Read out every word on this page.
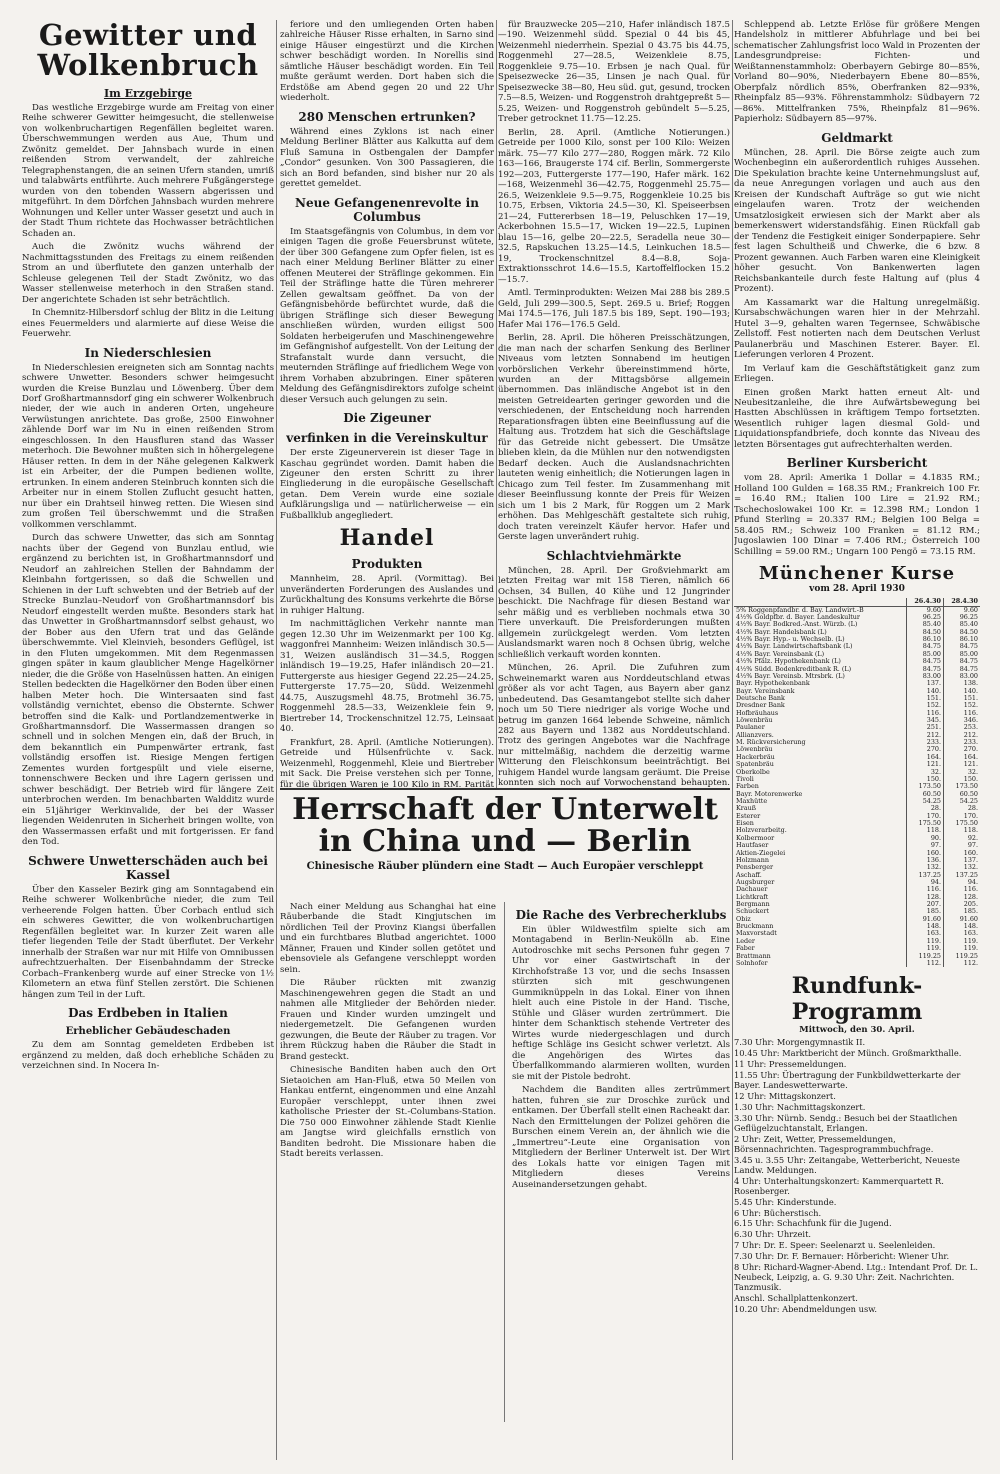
Gewitter und Wolkenbruch
Im Erzgebirge
Das westliche Erzgebirge wurde am Freitag von einer Reihe schwerer Gewitter heimgesucht, die stellenweise von wolkenbruchartigen Regenfällen begleitet waren. Überschwemmungen werden aus Aue, Thum und Zwönitz gemeldet. Der Jahnsbach wurde in einen reißenden Strom verwandelt, der zahlreiche Telegraphenstangen, die an seinen Ufern standen, umriß und talabwärts entführte. Auch mehrere Fußgängerstege wurden von den tobenden Wassern abgerissen und mitgeführt. In dem Dörfchen Jahnsbach wurden mehrere Wohnungen und Keller unter Wasser gesetzt und auch in der Stadt Thum richtete das Hochwasser beträchtlichen Schaden an.
Auch die Zwönitz wuchs während der Nachmittagsstunden des Freitags zu einem reißenden Strom an und überflutete den ganzen unterhalb der Schleuse gelegenen Teil der Stadt Zwönitz, wo das Wasser stellenweise meterhoch in den Straßen stand. Der angerichtete Schaden ist sehr beträchtlich.
In Chemnitz-Hilbersdorf schlug der Blitz in die Leitung eines Feuermelders und alarmierte auf diese Weise die Feuerwehr.
In Niederschlesien
In Niederschlesien ereigneten sich am Sonntag nachts schwere Unwetter. Besonders schwer heimgesucht wurden die Kreise Bunzlau und Löwenberg. Über dem Dorf Großhartmannsdorf ging ein schwerer Wolkenbruch nieder, der wie auch in anderen Orten, ungeheure Verwüstungen anrichtete. Das große, 2500 Einwohner zählende Dorf war im Nu in einen reißenden Strom eingeschlossen. In den Hausfluren stand das Wasser meterhoch. Die Bewohner mußten sich in höhergelegene Häuser retten. In dem in der Nähe gelegenen Kalkwerk ist ein Arbeiter, der die Pumpen bedienen wollte, ertrunken. In einem anderen Steinbruch konnten sich die Arbeiter nur in einem Stollen Zuflucht gesucht hatten, nur über ein Drahtseil hinweg retten. Die Wiesen sind zum großen Teil überschwemmt und die Straßen vollkommen verschlammt.
Durch das schwere Unwetter, das sich am Sonntag nachts über der Gegend von Bunzlau entlud, wie ergänzend zu berichten ist, in Großhartmannsdorf und Neudorf an zahlreichen Stellen der Bahndamm der Kleinbahn fortgerissen, so daß die Schwellen und Schienen in der Luft schwebten und der Betrieb auf der Strecke Bunzlau–Neudorf von Großhartmannsdorf bis Neudorf eingestellt werden mußte. Besonders stark hat das Unwetter in Großhartmannsdorf selbst gehaust, wo der Bober aus den Ufern trat und das Gelände überschwemmte. Viel Kleinvieh, besonders Geflügel, ist in den Fluten umgekommen. Mit dem Regenmassen gingen später in kaum glaublicher Menge Hagelkörner nieder, die die Größe von Haselnüssen hatten. An einigen Stellen bedeckten die Hagelkörner den Boden über einen halben Meter hoch. Die Wintersaaten sind fast vollständig vernichtet, ebenso die Obsternte. Schwer betroffen sind die Kalk- und Portlandzementwerke in Großhartmannsdorf. Die Wassermassen drangen so schnell und in solchen Mengen ein, daß der Bruch, in dem bekanntlich ein Pumpenwärter ertrank, fast vollständig ersoffen ist. Riesige Mengen fertigen Zementes wurden fortgespült und viele eiserne, tonnenschwere Becken und ihre Lagern gerissen und schwer beschädigt. Der Betrieb wird für längere Zeit unterbrochen werden. Im benachbarten Waldditz wurde ein 51jähriger Werkinvalide, der bei der Wasser liegenden Weidenruten in Sicherheit bringen wollte, von den Wassermassen erfaßt und mit fortgerissen. Er fand den Tod.
Schwere Unwetterschäden auch bei Kassel
Über den Kasseler Bezirk ging am Sonntagabend ein Reihe schwerer Wolkenbrüche nieder, die zum Teil verheerende Folgen hatten. Über Corbach entlud sich ein schweres Gewitter, die von wolkenbruchartigen Regenfällen begleitet war. In kurzer Zeit waren alle tiefer liegenden Teile der Stadt überflutet. Der Verkehr innerhalb der Straßen war nur mit Hilfe von Omnibussen aufrechtzuerhalten. Der Eisenbahndamm der Strecke Corbach–Frankenberg wurde auf einer Strecke von 1½ Kilometern an etwa fünf Stellen zerstört. Die Schienen hängen zum Teil in der Luft.
Das Erdbeben in Italien
Erheblicher Gebäudeschaden
Zu dem am Sonntag gemeldeten Erdbeben ist ergänzend zu melden, daß doch erhebliche Schäden zu verzeichnen sind. In Nocera In-
feriore und den umliegenden Orten haben zahlreiche Häuser Risse erhalten, in Sarno sind einige Häuser eingestürzt und die Kirchen schwer beschädigt worden. In Norellis sind sämtliche Häuser beschädigt worden. Ein Teil mußte geräumt werden. Dort haben sich die Erdstöße am Abend gegen 20 und 22 Uhr wiederholt.
280 Menschen ertrunken?
Während eines Zyklons ist nach einer Meldung Berliner Blätter aus Kalkutta auf dem Fluß Samuna in Ostbengalen der Dampfer „Condor“ gesunken. Von 300 Passagieren, die sich an Bord befanden, sind bisher nur 20 als gerettet gemeldet.
Neue Gefangenenrevolte in Columbus
Im Staatsgefängnis von Columbus, in dem vor einigen Tagen die große Feuersbrunst wütete, der über 300 Gefangene zum Opfer fielen, ist es nach einer Meldung Berliner Blätter zu einer offenen Meuterei der Sträflinge gekommen. Ein Teil der Sträflinge hatte die Türen mehrerer Zellen gewaltsam geöffnet. Da von der Gefängnisbehörde befürchtet wurde, daß die übrigen Sträflinge sich dieser Bewegung anschließen würden, wurden eiligst 500 Soldaten herbeigerufen und Maschinengewehre im Gefängnishof aufgestellt. Von der Leitung der Strafanstalt wurde dann versucht, die meuternden Sträflinge auf friedlichem Wege von ihrem Vorhaben abzubringen. Einer späteren Meldung des Gefängnisdirektors zufolge scheint dieser Versuch auch gelungen zu sein.
Die Zigeuner
verfinken in die Vereinskultur
Der erste Zigeunerverein ist dieser Tage in Kaschau gegründet worden. Damit haben die Zigeuner den ersten Schritt zu ihrer Eingliederung in die europäische Gesellschaft getan. Dem Verein wurde eine soziale Aufklärungsliga und — natürlicherweise — ein Fußballklub angegliedert.
Handel
Produkten
Mannheim, 28. April. (Vormittag). Bei unveränderten Forderungen des Auslandes und Zurückhaltung des Konsums verkehrte die Börse in ruhiger Haltung.
Im nachmittäglichen Verkehr nannte man gegen 12.30 Uhr im Weizenmarkt per 100 Kg. waggonfrei Mannheim: Weizen inländisch 30.5—31, Weizen ausländisch 31—34.5, Roggen inländisch 19—19.25, Hafer inländisch 20—21. Futtergerste aus hiesiger Gegend 22.25—24.25, Futtergerste 17.75—20, Südd. Weizenmehl 44.75, Auszugsmehl 48.75, Brotmehl 36.75, Roggenmehl 28.5—33, Weizenkleie fein 9, Biertreber 14, Trockenschnitzel 12.75, Leinsaat 40.
Frankfurt, 28. April. (Amtliche Notierungen). Getreide und Hülsenfrüchte v. Sack. Weizenmehl, Roggenmehl, Kleie und Biertreber mit Sack. Die Preise verstehen sich per Tonne, für die übrigen Waren je 100 Kilo in RM. Parität
für Brauzwecke 205—210, Hafer inländisch 187.5—190. Weizenmehl südd. Spezial 0 44 bis 45, Weizenmehl niederrhein. Spezial 0 43.75 bis 44.75, Roggenmehl 27—28.5, Weizenkleie 8.75, Roggenkleie 9.75—10. Erbsen je nach Qual. für Speisezwecke 26—35, Linsen je nach Qual. für Speisezwecke 38—80, Heu süd. gut, gesund, trocken 7.5—8.5, Weizen- und Roggenstroh drahtgepreßt 5—5.25, Weizen- und Roggenstroh gebündelt 5—5.25, Treber getrocknet 11.75—12.25.
Berlin, 28. April. (Amtliche Notierungen.) Getreide per 1000 Kilo, sonst per 100 Kilo: Weizen märk. 75—77 Kilo 277—280, Roggen märk. 72 Kilo 163—166, Braugerste 174 cif. Berlin, Sommergerste 192—203, Futtergerste 177—190, Hafer märk. 162—168, Weizenmehl 36—42.75, Roggenmehl 25.75—26.5, Weizenkleie 9.5—9.75, Roggenkleie 10.25 bis 10.75, Erbsen, Viktoria 24.5—30, Kl. Speiseerbsen 21—24, Futtererbsen 18—19, Peluschken 17—19, Ackerbohnen 15.5—17, Wicken 19—22.5, Lupinen blau 15—16, gelbe 20—22.5, Seradella neue 30—32.5, Rapskuchen 13.25—14.5, Leinkuchen 18.5—19, Trockenschnitzel 8.4—8.8, Soja-Extraktionsschrot 14.6—15.5, Kartoffelflocken 15.2—15.7.
Amtl. Terminprodukten: Weizen Mai 288 bis 289.5 Geld, Juli 299—300.5, Sept. 269.5 u. Brief; Roggen Mai 174.5—176, Juli 187.5 bis 189, Sept. 190—193; Hafer Mai 176—176.5 Geld.
Berlin, 28. April. Die höheren Preisschätzungen, die man nach der scharfen Senkung des Berliner Niveaus vom letzten Sonnabend im heutigen vorbörslichen Verkehr übereinstimmend hörte, wurden an der Mittagsbörse allgemein übernommen. Das inländische Angebot ist in den meisten Getreidearten geringer geworden und die verschiedenen, der Entscheidung noch harrenden Reparationsfragen übten eine Beeinflussung auf die Haltung aus. Trotzdem hat sich die Geschäftslage für das Getreide nicht gebessert. Die Umsätze blieben klein, da die Mühlen nur den notwendigsten Bedarf decken. Auch die Auslandsnachrichten lauteten wenig einheitlich; die Notierungen lagen in Chicago zum Teil fester. Im Zusammenhang mit dieser Beeinflussung konnte der Preis für Weizen sich um 1 bis 2 Mark, für Roggen um 2 Mark erhöhen. Das Mehlgeschäft gestaltete sich ruhig, doch traten vereinzelt Käufer hervor. Hafer und Gerste lagen unverändert ruhig.
Schlachtviehmärkte
München, 28. April. Der Großviehmarkt am letzten Freitag war mit 158 Tieren, nämlich 66 Ochsen, 34 Bullen, 40 Kühe und 12 Jungrinder beschickt. Die Nachfrage für diesen Bestand war sehr mäßig und es verblieben nochmals etwa 30 Tiere unverkauft. Die Preisforderungen mußten allgemein zurückgelegt werden. Vom letzten Auslandsmarkt waren noch 8 Ochsen übrig, welche schließlich verkauft worden konnten.
München, 26. April. Die Zufuhren zum Schweinemarkt waren aus Norddeutschland etwas größer als vor acht Tagen, aus Bayern aber ganz unbedeutend. Das Gesamtangebot stellte sich daher noch um 50 Tiere niedriger als vorige Woche und betrug im ganzen 1664 lebende Schweine, nämlich 282 aus Bayern und 1382 aus Norddeutschland. Trotz des geringen Angebotes war die Nachfrage nur mittelmäßig, nachdem die derzeitig warme Witterung den Fleischkonsum beeinträchtigt. Bei ruhigem Handel wurde langsam geräumt. Die Preise konnten sich noch auf Vorwochenstand behaupten.
Herrschaft der Unterwelt
in China und — Berlin
Chinesische Räuber plündern eine Stadt — Auch Europäer verschleppt
Nach einer Meldung aus Schanghai hat eine Räuberbande die Stadt Kingjutschen im nördlichen Teil der Provinz Kiangsi überfallen und ein furchtbares Blutbad angerichtet. 1000 Männer, Frauen und Kinder sollen getötet und ebensoviele als Gefangene verschleppt worden sein.
Die Räuber rückten mit zwanzig Maschinengewehren gegen die Stadt an und nahmen alle Mitglieder der Behörden nieder. Frauen und Kinder wurden umzingelt und niedergemetzelt. Die Gefangenen wurden gezwungen, die Beute der Räuber zu tragen. Vor ihrem Rückzug haben die Räuber die Stadt in Brand gesteckt.
Chinesische Banditen haben auch den Ort Sietaoichen am Han-Fluß, etwa 50 Meilen von Hankau entfernt, eingenommen und eine Anzahl Europäer verschleppt, unter ihnen zwei katholische Priester der St.-Columbans-Station. Die 750 000 Einwohner zählende Stadt Kienlie am Jangtse wird gleichfalls ernstlich von Banditen bedroht. Die Missionare haben die Stadt bereits verlassen.
Die Rache des Verbrecherklubs
Ein übler Wildwestfilm spielte sich am Montagabend in Berlin-Neukölln ab. Eine Autodroschke mit sechs Personen fuhr gegen 7 Uhr vor einer Gastwirtschaft in der Kirchhofstraße 13 vor, und die sechs Insassen stürzten sich mit geschwungenen Gummiknüppeln in das Lokal. Einer von ihnen hielt auch eine Pistole in der Hand. Tische, Stühle und Gläser wurden zertrümmert. Die hinter dem Schanktisch stehende Vertreter des Wirtes wurde niedergeschlagen und durch heftige Schläge ins Gesicht schwer verletzt. Als die Angehörigen des Wirtes das Überfallkommando alarmieren wollten, wurden sie mit der Pistole bedroht.
Nachdem die Banditen alles zertrümmert hatten, fuhren sie zur Droschke zurück und entkamen. Der Überfall stellt einen Racheakt dar. Nach den Ermittelungen der Polizei gehören die Burschen einem Verein an, der ähnlich wie die „Immertreu“-Leute eine Organisation von Mitgliedern der Berliner Unterwelt ist. Der Wirt des Lokals hatte vor einigen Tagen mit Mitgliedern dieses Vereins Auseinandersetzungen gehabt.
Schleppend ab. Letzte Erlöse für größere Mengen Handelsholz in mittlerer Abfuhrlage und bei bei schematischer Zahlungsfrist loco Wald in Prozenten der Landesgrundpreise: Fichten- und Weißtannenstammholz: Oberbayern Gebirge 80—85%, Vorland 80—90%, Niederbayern Ebene 80—85%, Oberpfalz nördlich 85%, Oberfranken 82—93%, Rheinpfalz 85—93%. Föhrenstammholz: Südbayern 72—86%. Mittelfranken 75%, Rheinpfalz 81—96%. Papierholz: Südbayern 85—97%.
Geldmarkt
München, 28. April. Die Börse zeigte auch zum Wochenbeginn ein außerordentlich ruhiges Aussehen. Die Spekulation brachte keine Unternehmungslust auf, da neue Anregungen vorlagen und auch aus den Kreisen der Kundschaft Aufträge so gut wie nicht eingelaufen waren. Trotz der weichenden Umsatzlosigkeit erwiesen sich der Markt aber als bemerkenswert widerstandsfähig. Einen Rückfall gab der Tendenz die Festigkeit einiger Sonderpapiere. Sehr fest lagen Schultheiß und Chwerke, die 6 bzw. 8 Prozent gewannen. Auch Farben waren eine Kleinigkeit höher gesucht. Von Bankenwerten lagen Reichsbankanteile durch feste Haltung auf (plus 4 Prozent).
Am Kassamarkt war die Haltung unregelmäßig. Kursabschwächungen waren hier in der Mehrzahl. Hutel 3—9, gehalten waren Tegernsee, Schwäbische Zellstoff. Fest notierten nach dem Deutschen Verlust Paulanerbräu und Maschinen Esterer. Bayer. El. Lieferungen verloren 4 Prozent.
Im Verlauf kam die Geschäftstätigkeit ganz zum Erliegen.
Einen großen Markt hatten erneut Alt- und Neubesitzanleihe, die ihre Aufwärtsbewegung bei Hastten Abschlüssen in kräftigem Tempo fortsetzten. Wesentlich ruhiger lagen diesmal Gold- und Liquidationspfandbriefe, doch konnte das Niveau des letzten Börsentages gut aufrechterhalten werden.
Berliner Kursbericht
vom 28. April: Amerika 1 Dollar = 4.1835 RM.; Holland 100 Gulden = 168.35 RM.; Frankreich 100 Fr. = 16.40 RM.; Italien 100 Lire = 21.92 RM.; Tschechoslowakei 100 Kr. = 12.398 RM.; London 1 Pfund Sterling = 20.337 RM.; Belgien 100 Belga = 58.405 RM.; Schweiz 100 Franken = 81.12 RM.; Jugoslawien 100 Dinar = 7.406 RM.; Österreich 100 Schilling = 59.00 RM.; Ungarn 100 Pengö = 73.15 RM.
Münchener Kurse
vom 28. April 1930
	26.4.30	28.4.30
5% Roggenpfandbr. d. Bay. Landwirt.-B	9.60	9.60
4½% Goldpfbr. d. Bayer. Landeskultur	96.25	96.25
4½% Bayr. Bodkred.-Anst. Würzb. (L)	85.40	85.40
4½% Bayr. Handelsbank (L)	84.50	84.50
4½% Bayr. Hyp.- u. Wechselb. (L)	86.10	86.10
4½% Bayr. Landwirtschaftsbank (L)	84.75	84.75
4½% Bayr. Vereinsbank (L)	85.00	85.00
4½% Pfälz. Hypothekenbank (L)	84.75	84.75
4½% Südd. Bodenkreditbank R. (L)	84.75	84.75
4½% Bayr. Vereinsb. Mtrsbrk. (L)	83.00	83.00
Bayr. Hypothekenbank	137.	138.
Bayr. Vereinsbank	140.	140.
Deutsche Bank	151.	151.
Dresdner Bank	152.	152.
Hofbräuhaus	116.	116.
Löwenbräu	345.	346.
Paulaner	251.	253.
Allianzvers.	212.	212.
M. Rückversicherung	233.	233.
Löwenbräu	270.	270.
Hackerbräu	164.	164.
Spatenbräu	121.	121.
Oberkolbe	32.	32.
Tivoli	150.	150.
Farben	173.50	173.50
Bayr. Motorenwerke	60.50	60.50
Maxhütte	54.25	54.25
Krauß	28.	28.
Esterer	170.	170.
Eisen	175.50	175.50
Holzverarbeitg.	118.	118.
Kolbermoor	90.	92.
Hautfaser	97.	97.
Aktien-Ziegelei	160.	160.
Holzmann	136.	137.
Pensberger	132.	132.
Aschaff.	137.25	137.25
Augsburger	94.	94.
Dachauer	116.	116.
Lichtkraft	128.	128.
Bergmann	207.	205.
Schuckert	185.	185.
Obiz	91.60	91.60
Bruckmann	148.	148.
Maxvorstadt	163.	163.
Leder	119.	119.
Faber	119.	119.
Brattmann	119.25	119.25
Solnhofer	112.	112.
Rundfunk-Programm
Mittwoch, den 30. April.
7.30 Uhr: Morgengymnastik II.
10.45 Uhr: Marktbericht der Münch. Großmarkthalle.
11 Uhr: Pressemeldungen.
11.55 Uhr: Übertragung der Funkbildwetterkarte der Bayer. Landeswetterwarte.
12 Uhr: Mittagskonzert.
1.30 Uhr: Nachmittagskonzert.
3.30 Uhr: Nürnb. Sendg.: Besuch bei der Staatlichen Geflügelzuchtanstalt, Erlangen.
2 Uhr: Zeit, Wetter, Pressemeldungen, Börsennachrichten. Tagesprogrammbuchfrage.
3.45 u. 3.55 Uhr: Zeitangabe, Wetterbericht, Neueste Landw. Meldungen.
4 Uhr: Unterhaltungskonzert: Kammerquartett R. Rosenberger.
5.45 Uhr: Kinderstunde.
6 Uhr: Bücherstisch.
6.15 Uhr: Schachfunk für die Jugend.
6.30 Uhr: Uhrzeit.
7 Uhr: Dr. E. Speer: Seelenarzt u. Seelenleiden.
7.30 Uhr: Dr. F. Bernauer: Hörbericht: Wiener Uhr.
8 Uhr: Richard-Wagner-Abend. Ltg.: Intendant Prof. Dr. L. Neubeck, Leipzig, a. G. 9.30 Uhr: Zeit. Nachrichten. Tanzmusik.
Anschl. Schallplattenkonzert.
10.20 Uhr: Abendmeldungen usw.
